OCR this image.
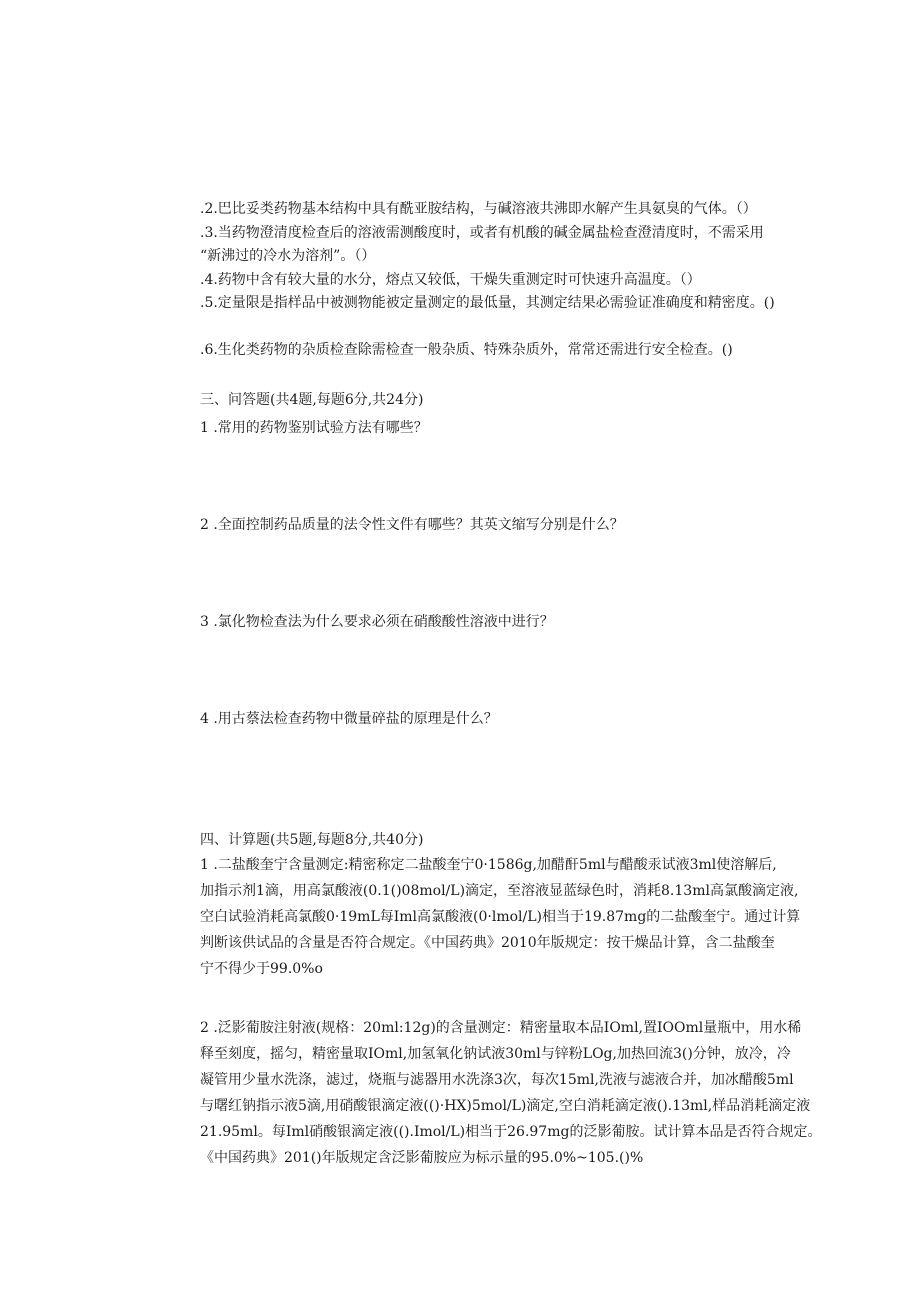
.2.巴比妥类药物基本结构中具有酰亚胺结构，与碱溶液共沸即水解产生具氨臭的气体。（）
.3.当药物澄清度检查后的溶液需测酸度时，或者有机酸的碱金属盐检查澄清度时，不需采用
“新沸过的冷水为溶剂”。（）
.4.药物中含有较大量的水分，熔点又较低，干燥失重测定时可快速升高温度。（）
.5.定量限是指样品中被测物能被定量测定的最低量，其测定结果必需验证准确度和精密度。()
.6.生化类药物的杂质检查除需检查一般杂质、特殊杂质外，常常还需进行安全检查。()
三、问答题(共4题,每题6分,共24分)
1 .常用的药物鉴别试验方法有哪些？
2 .全面控制药品质量的法令性文件有哪些？其英文缩写分别是什么？
3 .氯化物检查法为什么要求必须在硝酸酸性溶液中进行？
4 .用古蔡法检查药物中微量碎盐的原理是什么？
四、计算题(共5题,每题8分,共40分)
1 .二盐酸奎宁含量测定:精密称定二盐酸奎宁0·1586g,加醋酐5ml与醋酸汞试液3ml使溶解后,
加指示剂1滴，用高氯酸液(0.1()08mol∕L)滴定，至溶液显蓝绿色时，消耗8.13ml高氯酸滴定液,
空白试验消耗高氯酸0·19mL每Iml高氯酸液(0·lmol∕L)相当于19.87mg的二盐酸奎宁。通过计算
判断该供试品的含量是否符合规定。《中国药典》2010年版规定：按干燥品计算，含二盐酸奎
宁不得少于99.0%o
2 .泛影葡胺注射液(规格：20ml:12g)的含量测定：精密量取本品IOml,置IOOml量瓶中，用水稀
释至刻度，摇匀，精密量取IOml,加氢氧化钠试液30ml与锌粉LOg,加热回流3()分钟，放冷，冷
凝管用少量水洗涤，滤过，烧瓶与滤器用水洗涤3次，每次15ml,洗液与滤液合并，加冰醋酸5ml
与曙红钠指示液5滴,用硝酸银滴定液(()·HX)5mol∕L)滴定,空白消耗滴定液().13ml,样品消耗滴定液
21.95ml。每Iml硝酸银滴定液(().Imol/L)相当于26.97mg的泛影葡胺。试计算本品是否符合规定。
《中国药典》201()年版规定含泛影葡胺应为标示量的95.0%~105.()%
